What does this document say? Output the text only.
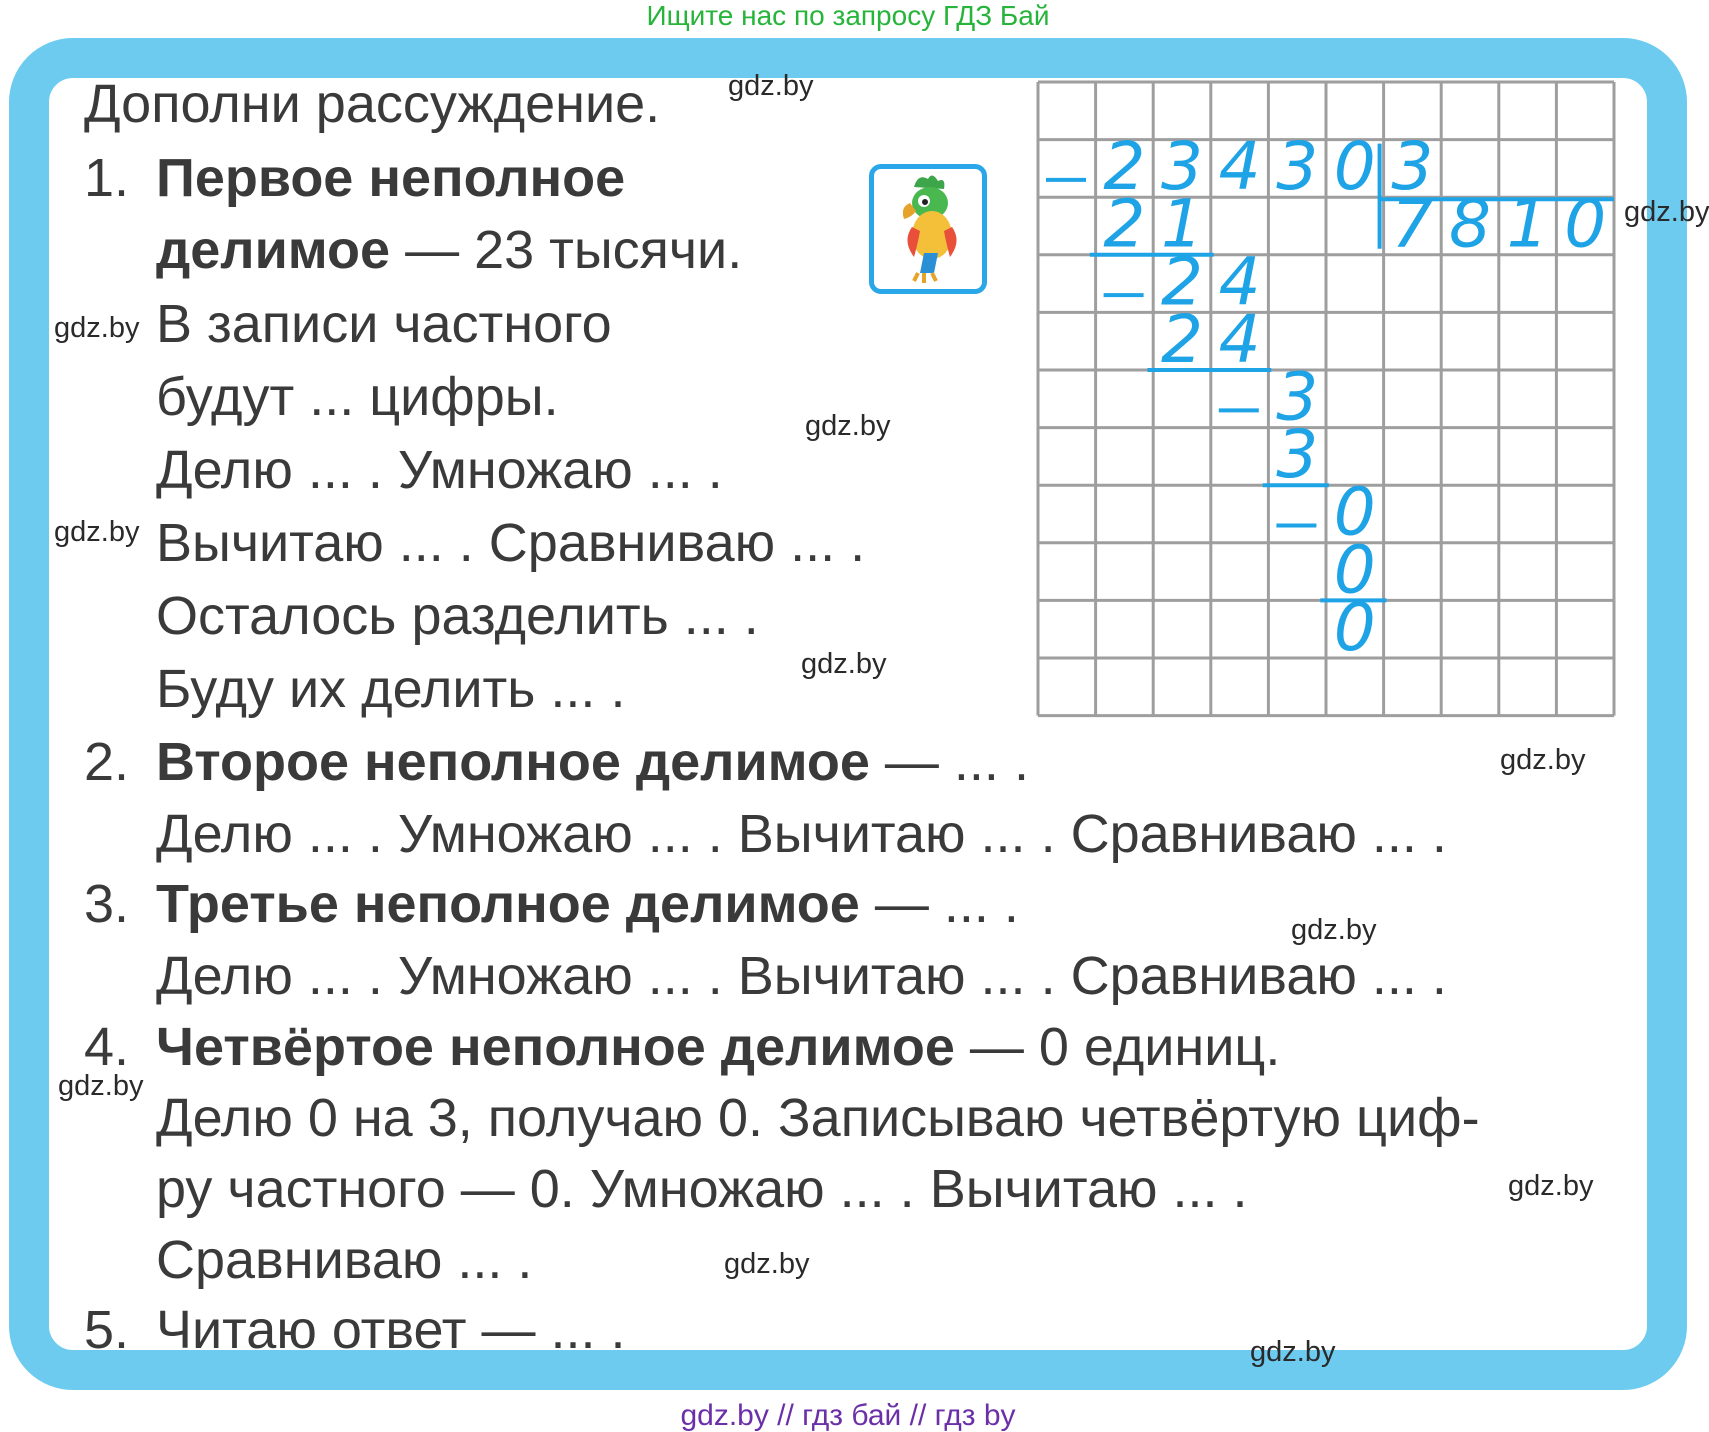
Ищите нас по запросу ГДЗ Бай
Дополни рассуждение.
1. Первое неполное
делимое — 23 тысячи.
В записи частного
будут ... цифры.
Делю ... . Умножаю ... .
Вычитаю ... . Сравниваю ... .
Осталось разделить ... .
Буду их делить ... .
2. Второе неполное делимое — ... .
Делю ... . Умножаю ... . Вычитаю ... . Сравниваю ... .
3. Третье неполное делимое — ... .
Делю ... . Умножаю ... . Вычитаю ... . Сравниваю ... .
4. Четвёртое неполное делимое — 0 единиц.
Делю 0 на 3, получаю 0. Записываю четвёртую циф-
ру частного — 0. Умножаю ... . Вычитаю ... .
Сравниваю ... .
5. Читаю ответ — ... .
2 3 4 3 0 3
7 8 1 0
2 1
2 4
2 4
3
3
0
0
0
gdz.by
gdz.by
gdz.by
gdz.by
gdz.by
gdz.by
gdz.by
gdz.by
gdz.by
gdz.by
gdz.by
gdz.by
gdz.by // гдз бай // гдз by
